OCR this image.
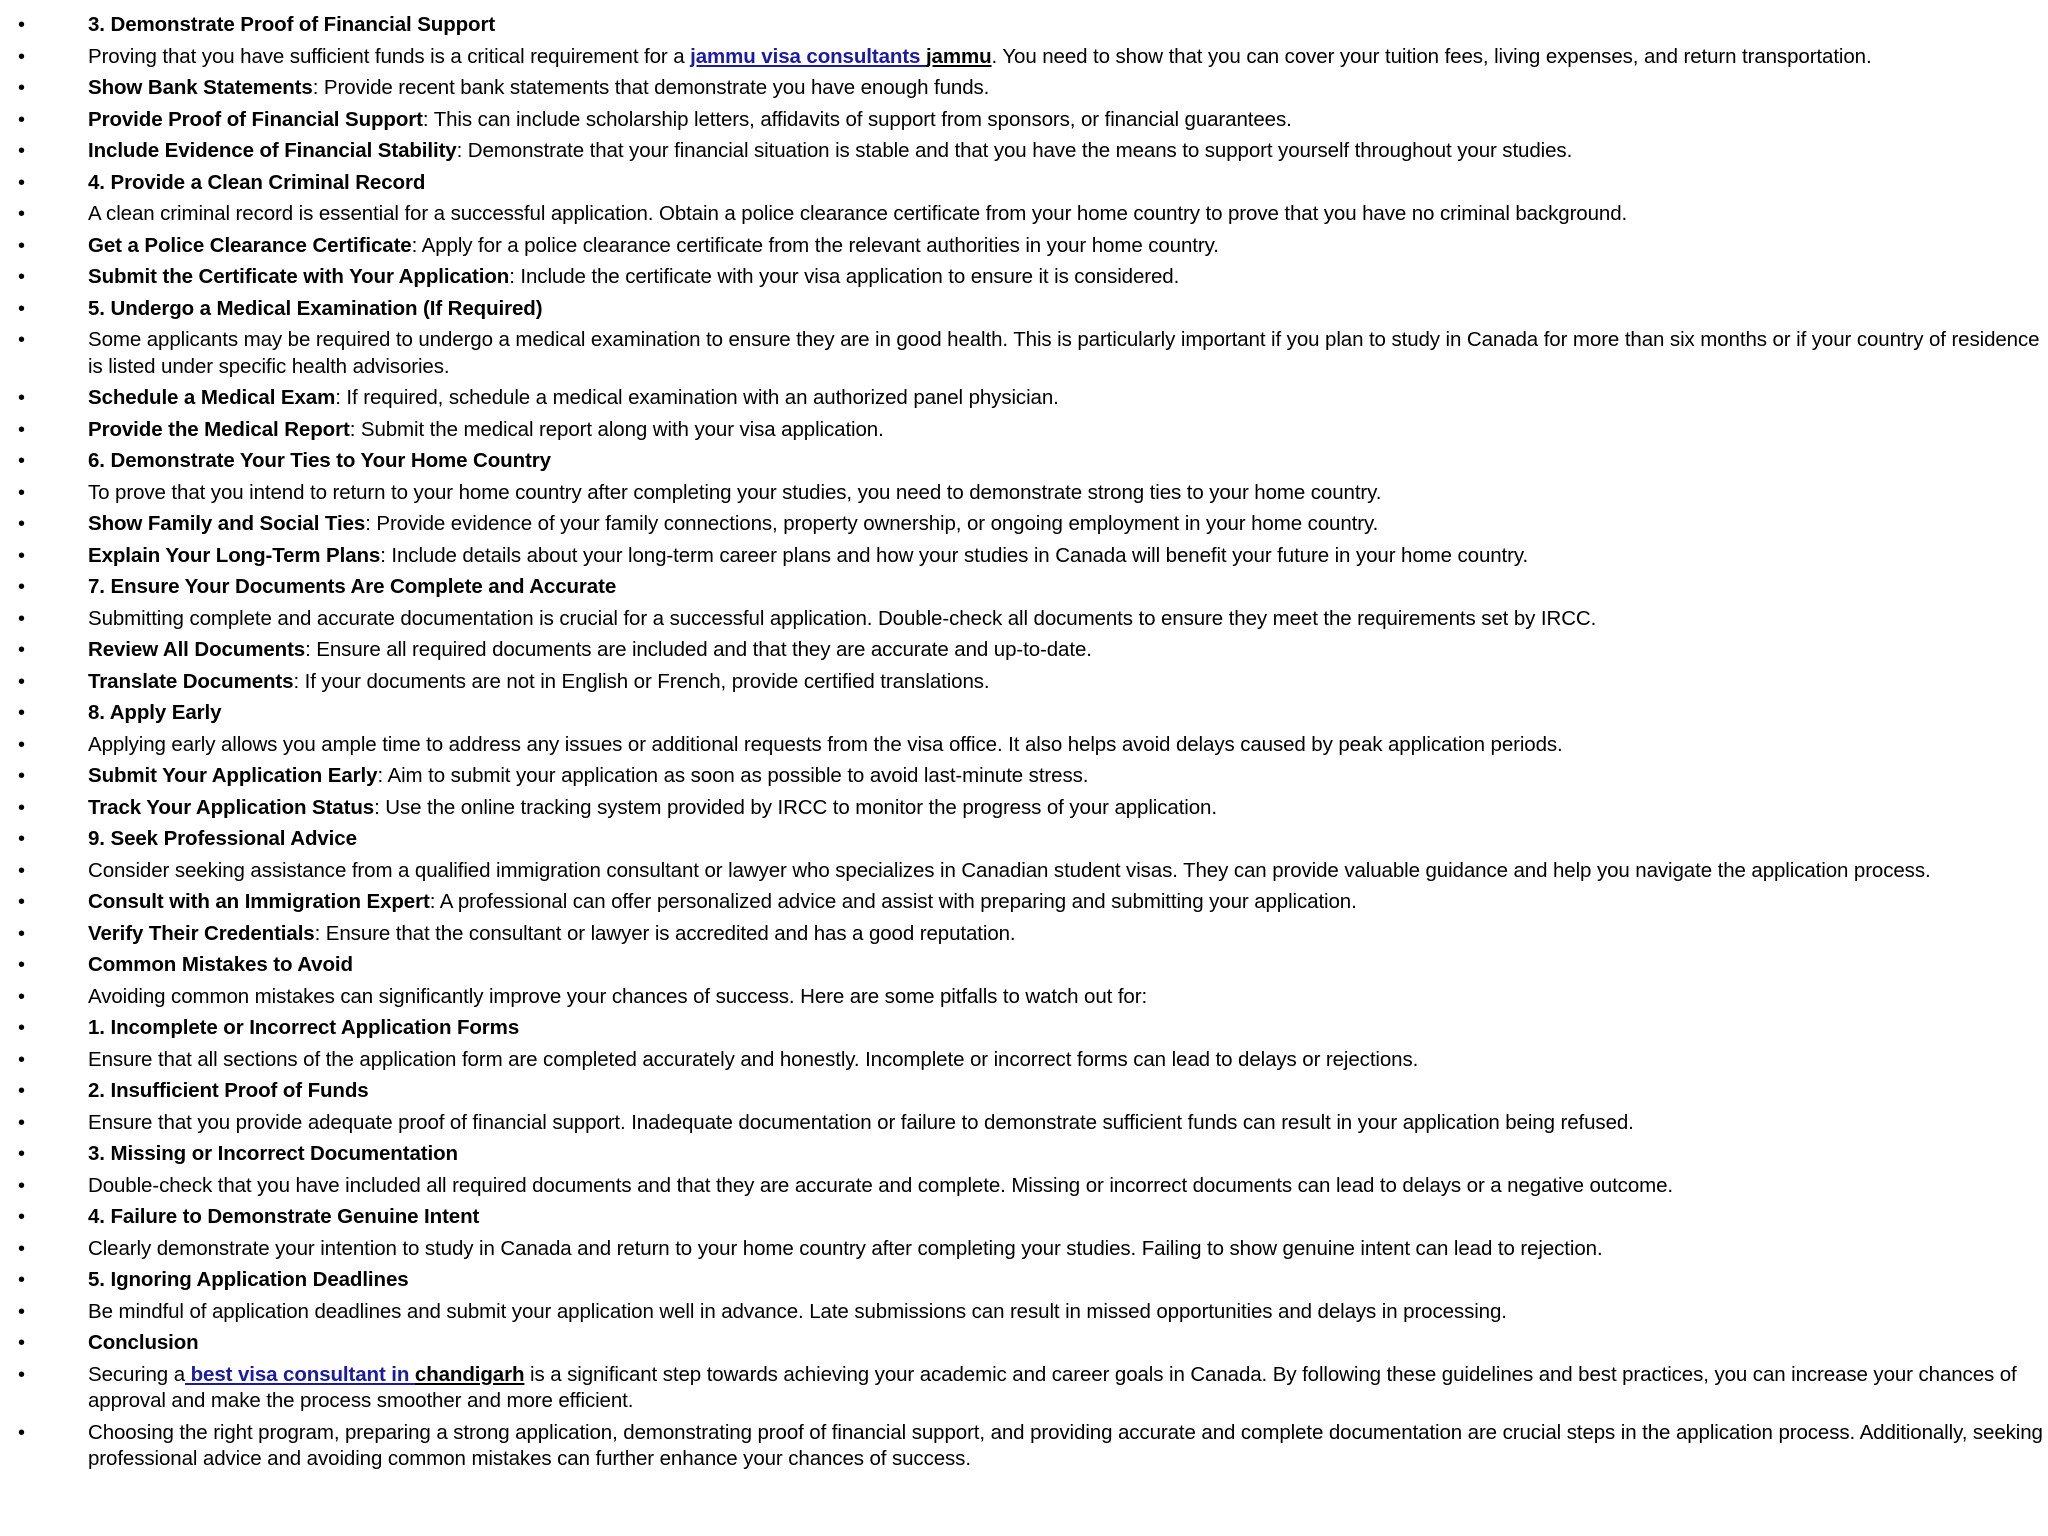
•	3. Demonstrate Proof of Financial Support
•	Proving that you have sufficient funds is a critical requirement for a jammu visa consultants jammu. You need to show that you can cover your tuition fees, living expenses, and return transportation.
•	Show Bank Statements: Provide recent bank statements that demonstrate you have enough funds.
•	Provide Proof of Financial Support: This can include scholarship letters, affidavits of support from sponsors, or financial guarantees.
•	Include Evidence of Financial Stability: Demonstrate that your financial situation is stable and that you have the means to support yourself throughout your studies.
•	4. Provide a Clean Criminal Record
•	A clean criminal record is essential for a successful application. Obtain a police clearance certificate from your home country to prove that you have no criminal background.
•	Get a Police Clearance Certificate: Apply for a police clearance certificate from the relevant authorities in your home country.
•	Submit the Certificate with Your Application: Include the certificate with your visa application to ensure it is considered.
•	5. Undergo a Medical Examination (If Required)
•	Some applicants may be required to undergo a medical examination to ensure they are in good health. This is particularly important if you plan to study in Canada for more than six months or if your country of residence is listed under specific health advisories.
•	Schedule a Medical Exam: If required, schedule a medical examination with an authorized panel physician.
•	Provide the Medical Report: Submit the medical report along with your visa application.
•	6. Demonstrate Your Ties to Your Home Country
•	To prove that you intend to return to your home country after completing your studies, you need to demonstrate strong ties to your home country.
•	Show Family and Social Ties: Provide evidence of your family connections, property ownership, or ongoing employment in your home country.
•	Explain Your Long-Term Plans: Include details about your long-term career plans and how your studies in Canada will benefit your future in your home country.
•	7. Ensure Your Documents Are Complete and Accurate
•	Submitting complete and accurate documentation is crucial for a successful application. Double-check all documents to ensure they meet the requirements set by IRCC.
•	Review All Documents: Ensure all required documents are included and that they are accurate and up-to-date.
•	Translate Documents: If your documents are not in English or French, provide certified translations.
•	8. Apply Early
•	Applying early allows you ample time to address any issues or additional requests from the visa office. It also helps avoid delays caused by peak application periods.
•	Submit Your Application Early: Aim to submit your application as soon as possible to avoid last-minute stress.
•	Track Your Application Status: Use the online tracking system provided by IRCC to monitor the progress of your application.
•	9. Seek Professional Advice
•	Consider seeking assistance from a qualified immigration consultant or lawyer who specializes in Canadian student visas. They can provide valuable guidance and help you navigate the application process.
•	Consult with an Immigration Expert: A professional can offer personalized advice and assist with preparing and submitting your application.
•	Verify Their Credentials: Ensure that the consultant or lawyer is accredited and has a good reputation.
•	Common Mistakes to Avoid
•	Avoiding common mistakes can significantly improve your chances of success. Here are some pitfalls to watch out for:
•	1. Incomplete or Incorrect Application Forms
•	Ensure that all sections of the application form are completed accurately and honestly. Incomplete or incorrect forms can lead to delays or rejections.
•	2. Insufficient Proof of Funds
•	Ensure that you provide adequate proof of financial support. Inadequate documentation or failure to demonstrate sufficient funds can result in your application being refused.
•	3. Missing or Incorrect Documentation
•	Double-check that you have included all required documents and that they are accurate and complete. Missing or incorrect documents can lead to delays or a negative outcome.
•	4. Failure to Demonstrate Genuine Intent
•	Clearly demonstrate your intention to study in Canada and return to your home country after completing your studies. Failing to show genuine intent can lead to rejection.
•	5. Ignoring Application Deadlines
•	Be mindful of application deadlines and submit your application well in advance. Late submissions can result in missed opportunities and delays in processing.
•	Conclusion
•	Securing a best visa consultant in chandigarh is a significant step towards achieving your academic and career goals in Canada. By following these guidelines and best practices, you can increase your chances of approval and make the process smoother and more efficient.
•	Choosing the right program, preparing a strong application, demonstrating proof of financial support, and providing accurate and complete documentation are crucial steps in the application process. Additionally, seeking professional advice and avoiding common mistakes can further enhance your chances of success.
